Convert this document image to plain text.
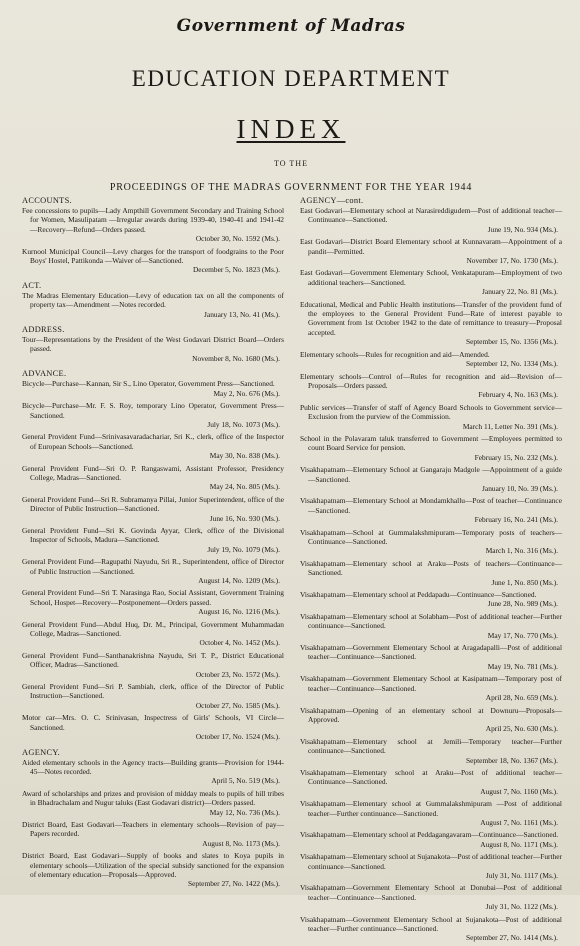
Government of Madras
EDUCATION DEPARTMENT
INDEX
TO THE
PROCEEDINGS OF THE MADRAS GOVERNMENT FOR THE YEAR 1944
ACCOUNTS.
Fee concessions to pupils—Lady Ampthill Government Secondary and Training School for Women, Masulipatam —Irregular awards during 1939-40, 1940-41 and 1941-42 —Recovery—Refund—Orders passed.
October 30, No. 1592 (Ms.).
Kurnool Municipal Council—Levy charges for the transport of foodgrains to the Poor Boys' Hostel, Pattikonda —Waiver of—Sanctioned.
December 5, No. 1823 (Ms.).
ACT.
The Madras Elementary Education—Levy of education tax on all the components of property tax—Amendment —Notes recorded.
January 13, No. 41 (Ms.).
ADDRESS.
Tour—Representations by the President of the West Godavari District Board—Orders passed.
November 8, No. 1680 (Ms.).
ADVANCE.
Bicycle—Purchase—Kannan, Sir S., Lino Operator, Government Press—Sanctioned.
May 2, No. 676 (Ms.).
Bicycle—Purchase—Mr. F. S. Roy, temporary Lino Operator, Government Press—Sanctioned.
July 18, No. 1073 (Ms.).
General Provident Fund—Srinivasavaradachariar, Sri K., clerk, office of the Inspector of European Schools—Sanctioned.
May 30, No. 838 (Ms.).
General Provident Fund—Sri O. P. Rangaswami, Assistant Professor, Presidency College, Madras—Sanctioned.
May 24, No. 805 (Ms.).
General Provident Fund—Sri R. Subramanya Pillai, Junior Superintendent, office of the Director of Public Instruction—Sanctioned.
June 16, No. 930 (Ms.).
General Provident Fund—Sri K. Govinda Ayyar, Clerk, office of the Divisional Inspector of Schools, Madura—Sanctioned.
July 19, No. 1079 (Ms.).
General Provident Fund—Ragupathi Nayudu, Sri R., Superintendent, office of Director of Public Instruction —Sanctioned.
August 14, No. 1209 (Ms.).
General Provident Fund—Sri T. Narasinga Rao, Social Assistant, Government Training School, Hospet—Recovery—Postponement—Orders passed.
August 16, No. 1216 (Ms.).
General Provident Fund—Abdul Huq, Dr. M., Principal, Government Muhammadan College, Madras—Sanctioned.
October 4, No. 1452 (Ms.).
General Provident Fund—Santhanakrishna Nayudu, Sri T. P., District Educational Officer, Madras—Sanctioned.
October 23, No. 1572 (Ms.).
General Provident Fund—Sri P. Sambiah, clerk, office of the Director of Public Instruction—Sanctioned.
October 27, No. 1585 (Ms.).
Motor car—Mrs. O. C. Srinivasan, Inspectress of Girls' Schools, VI Circle—Sanctioned.
October 17, No. 1524 (Ms.).
AGENCY.
Aided elementary schools in the Agency tracts—Building grants—Provision for 1944-45—Notes recorded.
April 5, No. 519 (Ms.).
Award of scholarships and prizes and provision of midday meals to pupils of hill tribes in Bhadrachalam and Nugur taluks (East Godavari district)—Orders passed.
May 12, No. 736 (Ms.).
District Board, East Godavari—Teachers in elementary schools—Revision of pay—Papers recorded.
August 8, No. 1173 (Ms.).
District Board, East Godavari—Supply of books and slates to Koya pupils in elementary schools—Utilization of the special subsidy sanctioned for the expansion of elementary education—Proposals—Approved.
September 27, No. 1422 (Ms.).
AGENCY—cont.
East Godavari—Elementary school at Narasireddigudem—Post of additional teacher—Continuance—Sanctioned.
June 19, No. 934 (Ms.).
East Godavari—District Board Elementary school at Kunnavaram—Appointment of a pandit—Permitted.
November 17, No. 1730 (Ms.).
East Godavari—Government Elementary School, Venkatapuram—Employment of two additional teachers—Sanctioned.
January 22, No. 81 (Ms.).
Educational, Medical and Public Health institutions—Transfer of the provident fund of the employees to the General Provident Fund—Rate of interest payable to Government from 1st October 1942 to the date of remittance to treasury—Proposal accepted.
September 15, No. 1356 (Ms.).
Elementary schools—Rules for recognition and aid—Amended.
September 12, No. 1334 (Ms.).
Elementary schools—Control of—Rules for recognition and aid—Revision of—Proposals—Orders passed.
February 4, No. 163 (Ms.).
Public services—Transfer of staff of Agency Board Schools to Government service—Exclusion from the purview of the Commission.
March 11, Letter No. 391 (Ms.).
School in the Polavaram taluk transferred to Government —Employees permitted to count Board Service for pension.
February 15, No. 232 (Ms.).
Visakhapatnam—Elementary School at Gangaraju Madgole —Appointment of a guide—Sanctioned.
January 10, No. 39 (Ms.).
Visakhapatnam—Elementary School at Mondamkhallu—Post of teacher—Continuance—Sanctioned.
February 16, No. 241 (Ms.).
Visakhapatnam—School at Gummalakshmipuram—Temporary posts of teachers—Continuance—Sanctioned.
March 1, No. 316 (Ms.).
Visakhapatnam—Elementary school at Araku—Posts of teachers—Continuance—Sanctioned.
June 1, No. 850 (Ms.).
Visakhapatnam—Elementary school at Peddapadu—Continuance—Sanctioned.
June 28, No. 989 (Ms.).
Visakhapatnam—Elementary school at Solabham—Post of additional teacher—Further continuance—Sanctioned.
May 17, No. 770 (Ms.).
Visakhapatnam—Government Elementary School at Aragadapalli—Post of additional teacher—Continuance—Sanctioned.
May 19, No. 781 (Ms.).
Visakhapatnam—Government Elementary School at Kasipatnam—Temporary post of teacher—Continuance—Sanctioned.
April 28, No. 659 (Ms.).
Visakhapatnam—Opening of an elementary school at Downuru—Proposals—Approved.
April 25, No. 630 (Ms.).
Visakhapatnam—Elementary school at Jemili—Temporary teacher—Further continuance—Sanctioned.
September 18, No. 1367 (Ms.).
Visakhapatnam—Elementary school at Araku—Post of additional teacher—Continuance—Sanctioned.
August 7, No. 1160 (Ms.).
Visakhapatnam—Elementary school at Gummalakshmipuram —Post of additional teacher—Further continuance—Sanctioned.
August 7, No. 1161 (Ms.).
Visakhapatnam—Elementary school at Peddagangavaram—Continuance—Sanctioned.
August 8, No. 1171 (Ms.).
Visakhapatnam—Elementary school at Sujanakota—Post of additional teacher—Further continuance—Sanctioned.
July 31, No. 1117 (Ms.).
Visakhapatnam—Government Elementary School at Donubai—Post of additional teacher—Continuance—Sanctioned.
July 31, No. 1122 (Ms.).
Visakhapatnam—Government Elementary School at Sujanakota—Post of additional teacher—Further continuance—Sanctioned.
September 27, No. 1414 (Ms.).
